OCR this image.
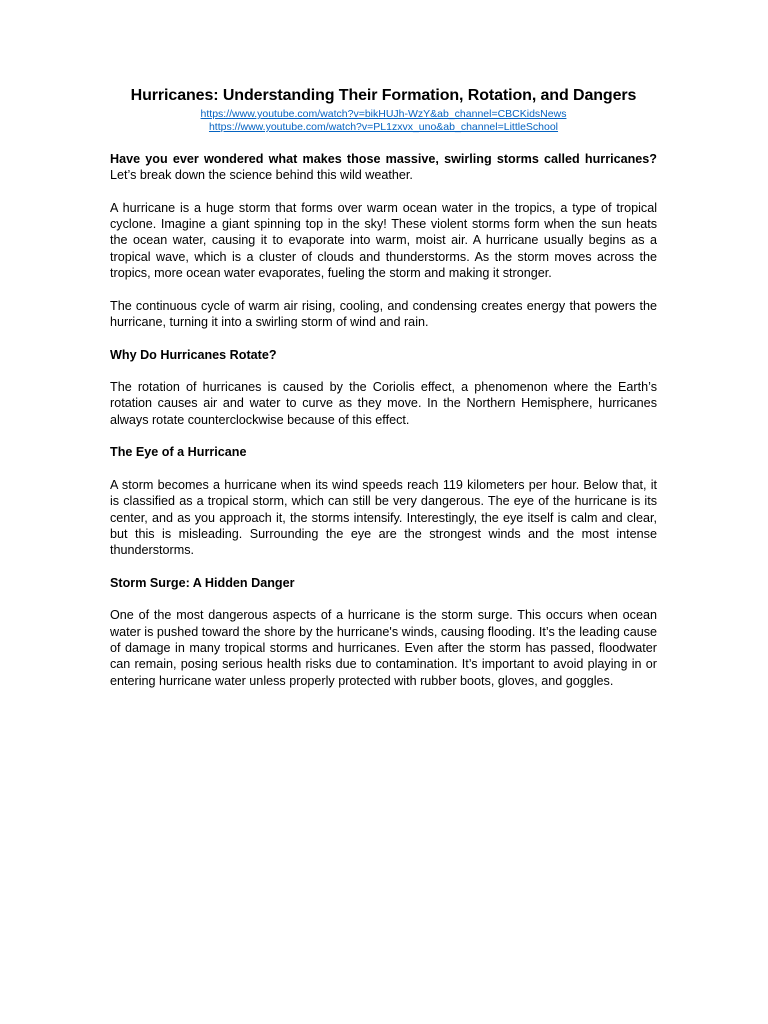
Hurricanes: Understanding Their Formation, Rotation, and Dangers
https://www.youtube.com/watch?v=bikHUJh-WzY&ab_channel=CBCKidsNews
https://www.youtube.com/watch?v=PL1zxvx_uno&ab_channel=LittleSchool

Have you ever wondered what makes those massive, swirling storms called hurricanes? Let’s break down the science behind this wild weather.

A hurricane is a huge storm that forms over warm ocean water in the tropics, a type of tropical cyclone. Imagine a giant spinning top in the sky! These violent storms form when the sun heats the ocean water, causing it to evaporate into warm, moist air. A hurricane usually begins as a tropical wave, which is a cluster of clouds and thunderstorms. As the storm moves across the tropics, more ocean water evaporates, fueling the storm and making it stronger.

The continuous cycle of warm air rising, cooling, and condensing creates energy that powers the hurricane, turning it into a swirling storm of wind and rain.

Why Do Hurricanes Rotate?

The rotation of hurricanes is caused by the Coriolis effect, a phenomenon where the Earth’s rotation causes air and water to curve as they move. In the Northern Hemisphere, hurricanes always rotate counterclockwise because of this effect.

The Eye of a Hurricane

A storm becomes a hurricane when its wind speeds reach 119 kilometers per hour. Below that, it is classified as a tropical storm, which can still be very dangerous. The eye of the hurricane is its center, and as you approach it, the storms intensify. Interestingly, the eye itself is calm and clear, but this is misleading. Surrounding the eye are the strongest winds and the most intense thunderstorms.

Storm Surge: A Hidden Danger

One of the most dangerous aspects of a hurricane is the storm surge. This occurs when ocean water is pushed toward the shore by the hurricane's winds, causing flooding. It’s the leading cause of damage in many tropical storms and hurricanes. Even after the storm has passed, floodwater can remain, posing serious health risks due to contamination. It’s important to avoid playing in or entering hurricane water unless properly protected with rubber boots, gloves, and goggles.
